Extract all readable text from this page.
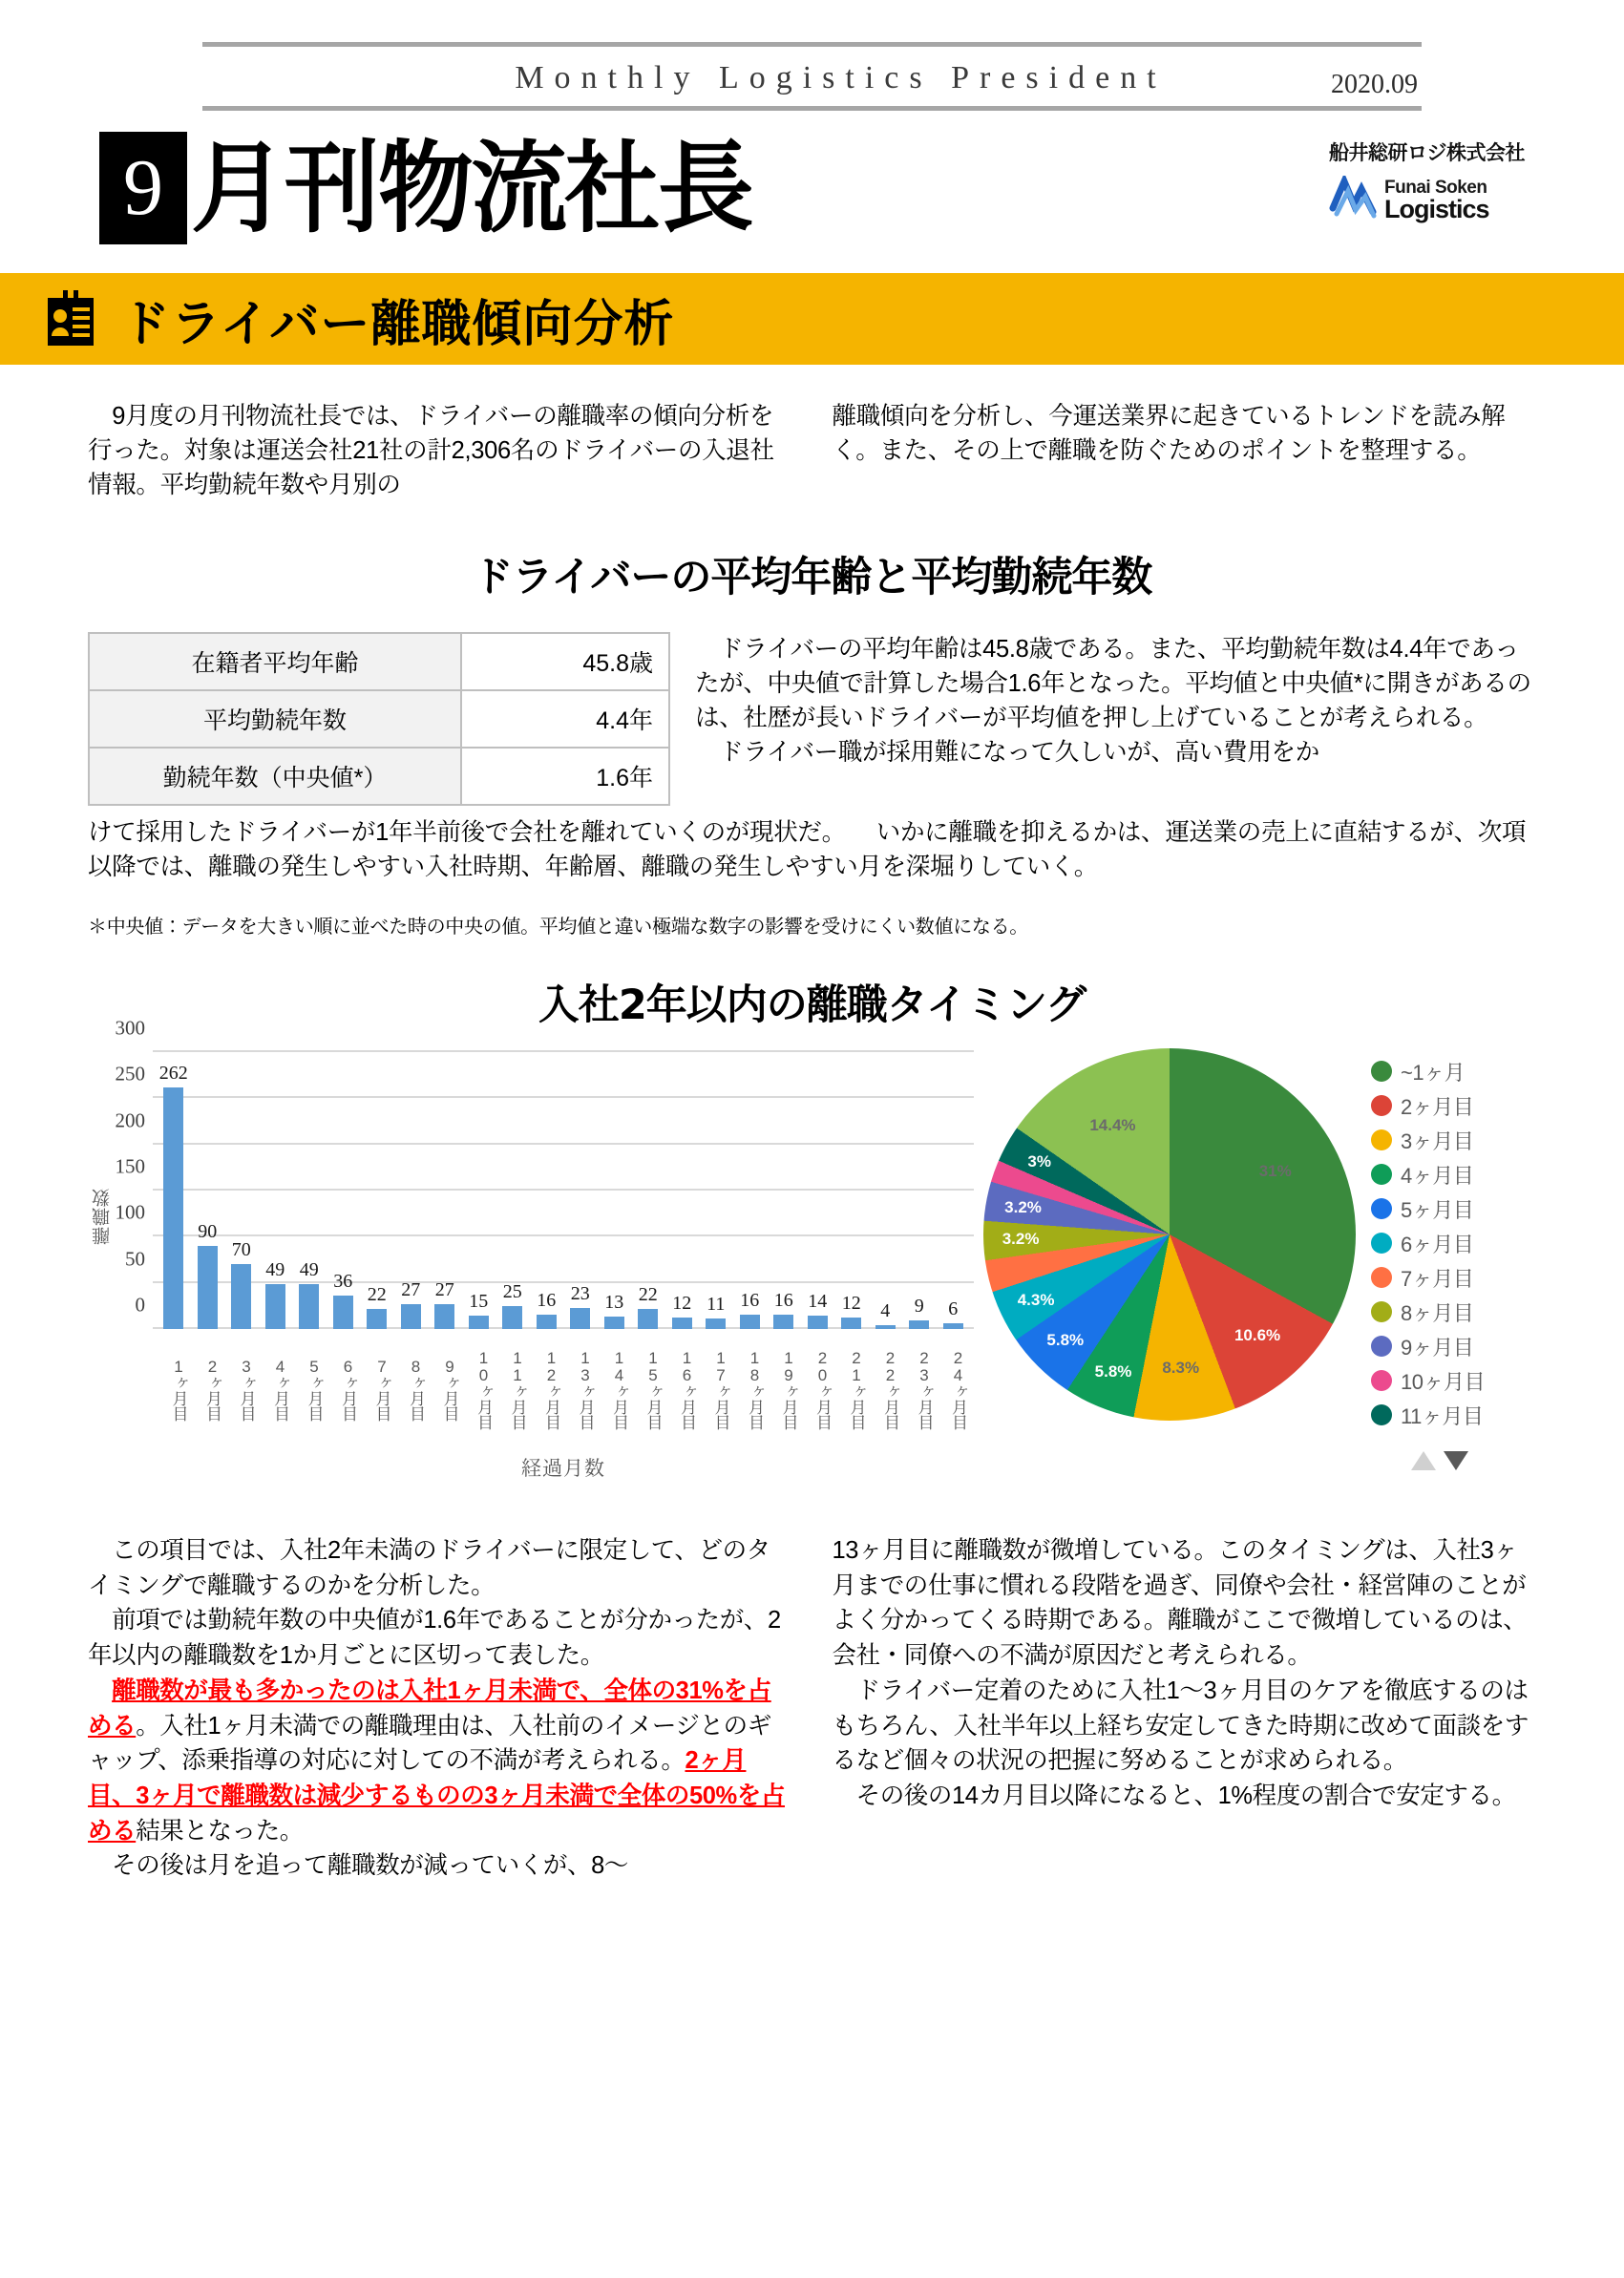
Monthly Logistics President	2020.09
9 月刊物流社長	船井総研ロジ株式会社
Funai Soken
Logistics
ドライバー離職傾向分析
　9月度の月刊物流社長では、ドライバーの離職率の傾向分析を行った。対象は運送会社21社の計2,306名のドライバーの入退社情報。平均勤続年数や月別の
離職傾向を分析し、今運送業界に起きているトレンドを読み解く。また、その上で離職を防ぐためのポイントを整理する。
ドライバーの平均年齢と平均勤続年数
在籍者平均年齢	45.8歳
平均勤続年数	4.4年
勤続年数（中央値*）	1.6年
　ドライバーの平均年齢は45.8歳である。また、平均勤続年数は4.4年であったが、中央値で計算した場合1.6年となった。平均値と中央値*に開きがあるのは、社歴が長いドライバーが平均値を押し上げていることが考えられる。 　ドライバー職が採用難になって久しいが、高い費用をか
けて採用したドライバーが1年半前後で会社を離れていくのが現状だ。 　いかに離職を抑えるかは、運送業の売上に直結するが、次項以降では、離職の発生しやすい入社時期、年齢層、離職の発生しやすい月を深堀りしていく。
＊中央値：データを大きい順に並べた時の中央の値。平均値と違い極端な数字の影響を受けにくい数値になる。
入社2年以内の離職タイミング
離職数
0
50
100
150
200
250
300
262
90
70
49 49
36
22 27 27
15 25 16 23 13 22 12 11 16 16 14 12 4 9 6
1ヶ月目 2ヶ月目 3ヶ月目 4ヶ月目 5ヶ月目 6ヶ月目 7ヶ月目 8ヶ月目 9ヶ月目 10ヶ月目 11ヶ月目 12ヶ月目 13ヶ月目 14ヶ月目 15ヶ月目 16ヶ月目 17ヶ月目 18ヶ月目 19ヶ月目 20ヶ月目 21ヶ月目 22ヶ月目 23ヶ月目 24ヶ月目
経過月数
31%
10.6%
8.3%
5.8%
5.8%
4.3%
3.2%
3.2%
3%
14.4%
~1ヶ月
2ヶ月目
3ヶ月目
4ヶ月目
5ヶ月目
6ヶ月目
7ヶ月目
8ヶ月目
9ヶ月目
10ヶ月目
11ヶ月目

　この項目では、入社2年未満のドライバーに限定して、どのタイミングで離職するのかを分析した。

　前項では勤続年数の中央値が1.6年であることが分かったが、2年以内の離職数を1か月ごとに区切って表した。

　離職数が最も多かったのは入社1ヶ月未満で、全体の31%を占める。入社1ヶ月未満での離職理由は、入社前のイメージとのギャップ、添乗指導の対応に対しての不満が考えられる。2ヶ月目、3ヶ月で離職数は減少するものの3ヶ月未満で全体の50%を占める結果となった。

　その後は月を追って離職数が減っていくが、8～

13ヶ月目に離職数が微増している。このタイミングは、入社3ヶ月までの仕事に慣れる段階を過ぎ、同僚や会社・経営陣のことがよく分かってくる時期である。離職がここで微増しているのは、会社・同僚への不満が原因だと考えられる。

　ドライバー定着のために入社1～3ヶ月目のケアを徹底するのはもちろん、入社半年以上経ち安定してきた時期に改めて面談をするなど個々の状況の把握に努めることが求められる。

　その後の14カ月目以降になると、1%程度の割合で安定する。
